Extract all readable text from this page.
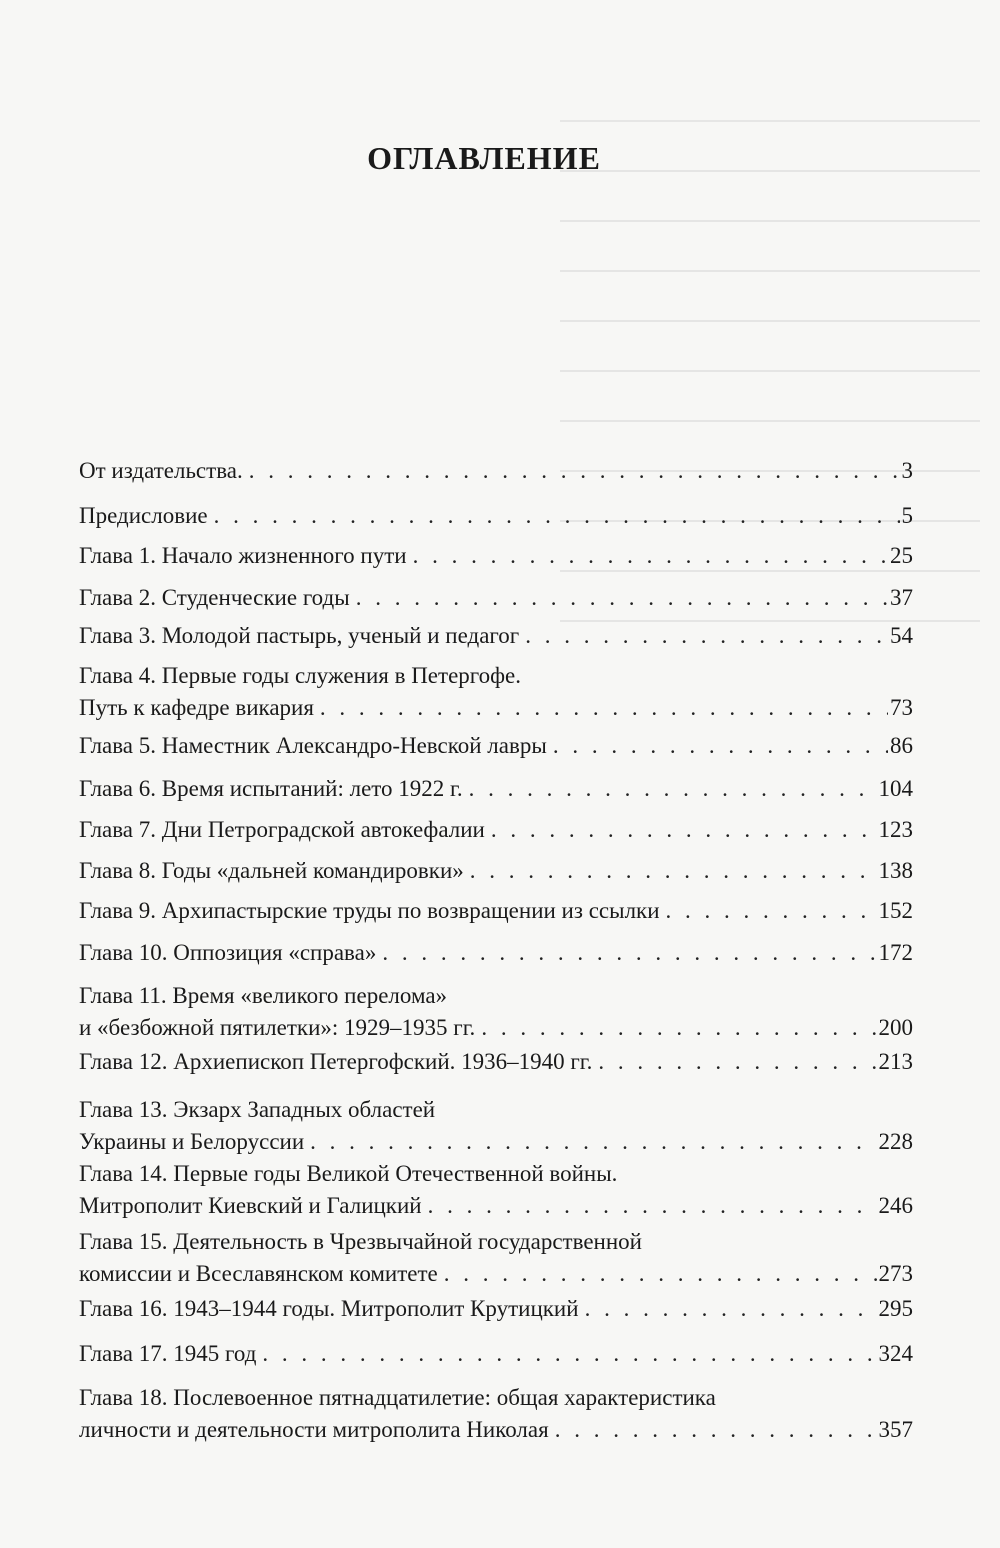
ОГЛАВЛЕНИЕ
От издательства. . . .	3
Предисловие . . .	5
Глава 1. Начало жизненного пути . . .	25
Глава 2. Студенческие годы . . .	37
Глава 3. Молодой пастырь, ученый и педагог . . .	54
Глава 4. Первые годы служения в Петергофе.
Путь к кафедре викария . . .	73
Глава 5. Наместник Александро-Невской лавры . . .	86
Глава 6. Время испытаний: лето 1922 г. . . .	104
Глава 7. Дни Петроградской автокефалии . . .	123
Глава 8. Годы «дальней командировки» . . .	138
Глава 9. Архипастырские труды по возвращении из ссылки . . .	152
Глава 10. Оппозиция «справа» . . .	172
Глава 11. Время «великого перелома»
и «безбожной пятилетки»: 1929–1935 гг. . . .	200
Глава 12. Архиепископ Петергофский. 1936–1940 гг. . . .	213
Глава 13. Экзарх Западных областей
Украины и Белоруссии . . .	228
Глава 14. Первые годы Великой Отечественной войны.
Митрополит Киевский и Галицкий . . .	246
Глава 15. Деятельность в Чрезвычайной государственной
комиссии и Всеславянском комитете . . .	273
Глава 16. 1943–1944 годы. Митрополит Крутицкий . . .	295
Глава 17. 1945 год . . .	324
Глава 18. Послевоенное пятнадцатилетие: общая характеристика
личности и деятельности митрополита Николая . . .	357
